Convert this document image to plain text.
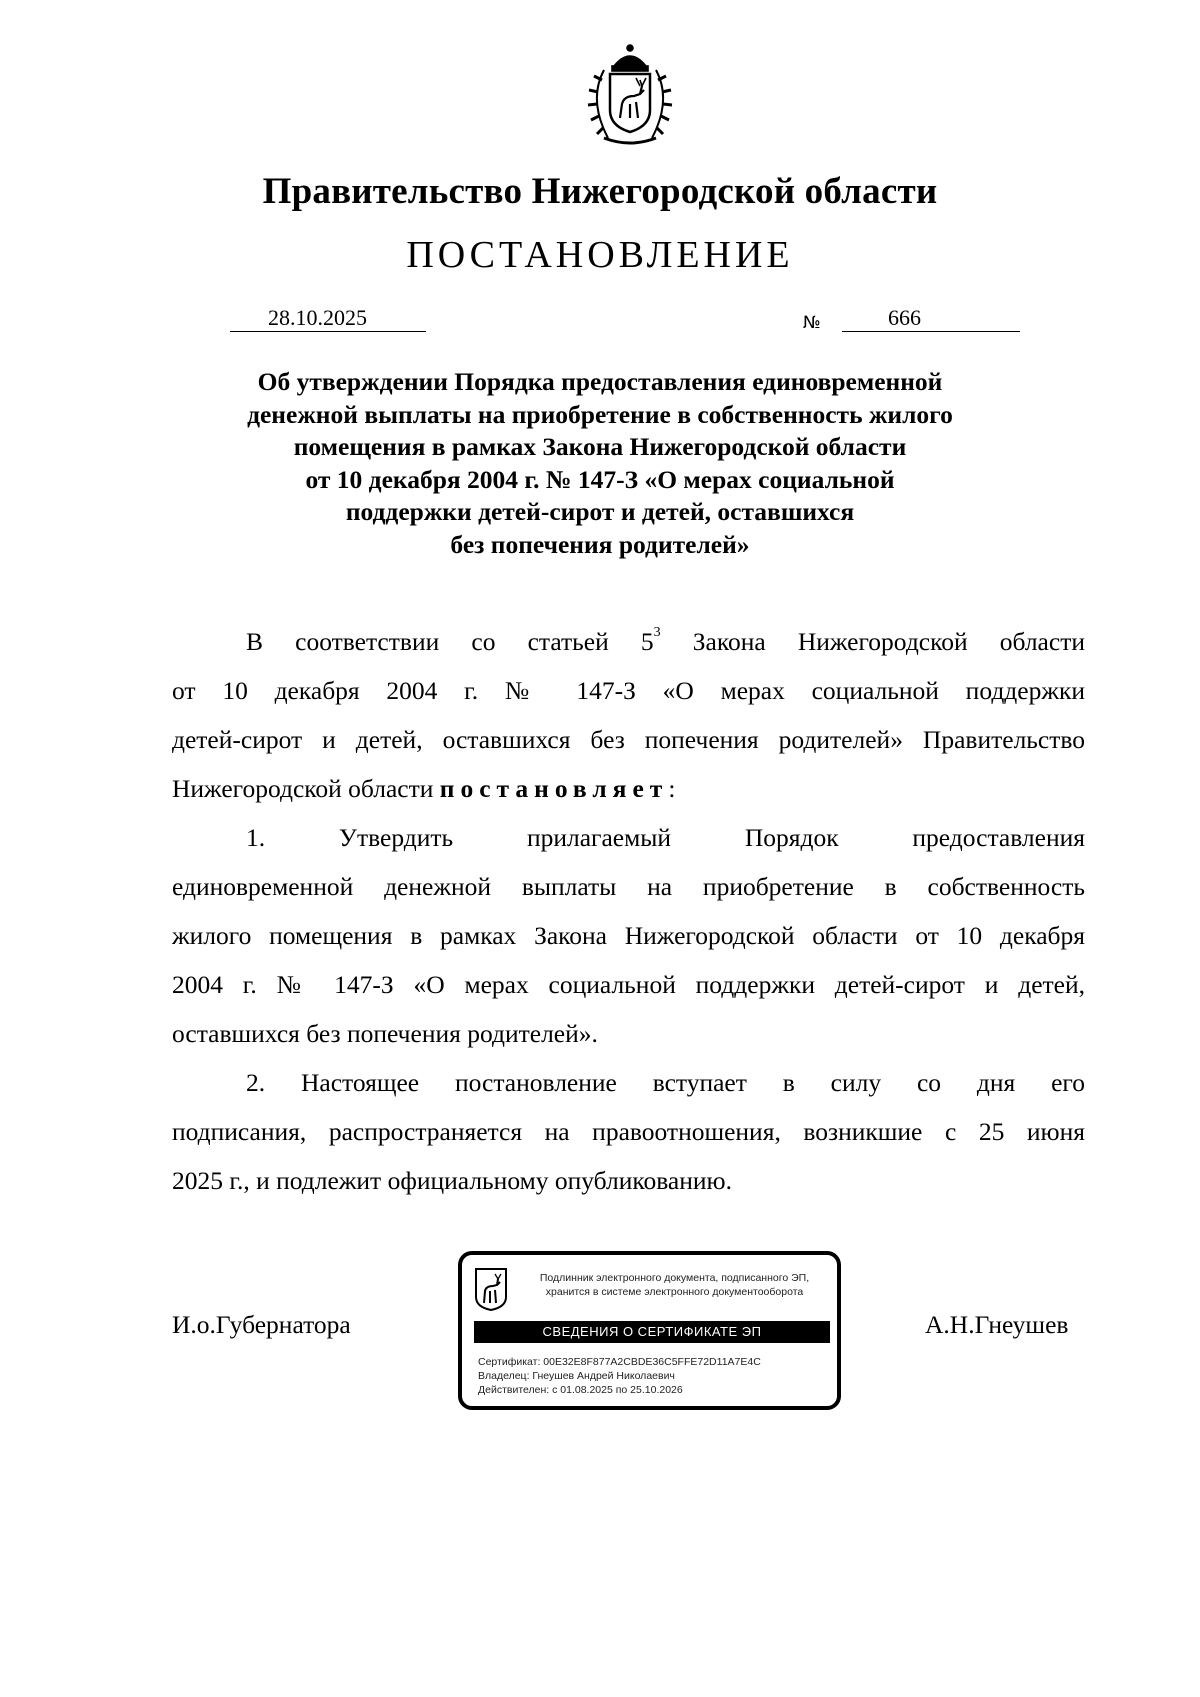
Правительство Нижегородской области
ПОСТАНОВЛЕНИЕ
28.10.2025	№	666
Об утверждении Порядка предоставления единовременной
денежной выплаты на приобретение в собственность жилого
помещения в рамках Закона Нижегородской области
от 10 декабря 2004 г. № 147-З «О мерах социальной
поддержки детей-сирот и детей, оставшихся
без попечения родителей»
В соответствии со статьей $5^3$ Закона Нижегородской области
от 10 декабря 2004 г. № 147-З «О мерах социальной поддержки
детей-сирот и детей, оставшихся без попечения родителей» Правительство
Нижегородской области постановляет:
1. Утвердить прилагаемый Порядок предоставления
единовременной денежной выплаты на приобретение в собственность
жилого помещения в рамках Закона Нижегородской области от 10 декабря
2004 г. № 147-З «О мерах социальной поддержки детей-сирот и детей,
оставшихся без попечения родителей».
2. Настоящее постановление вступает в силу со дня его
подписания, распространяется на правоотношения, возникшие с 25 июня
2025 г., и подлежит официальному опубликованию.
И.о.Губернатора	А.Н.Гнеушев
Подлинник электронного документа, подписанного ЭП,
хранится в системе электронного документооборота
СВЕДЕНИЯ О СЕРТИФИКАТЕ ЭП
Сертификат: 00E32E8F877A2CBDE36C5FFE72D11A7E4C
Владелец: Гнеушев Андрей Николаевич
Действителен: с 01.08.2025 по 25.10.2026
